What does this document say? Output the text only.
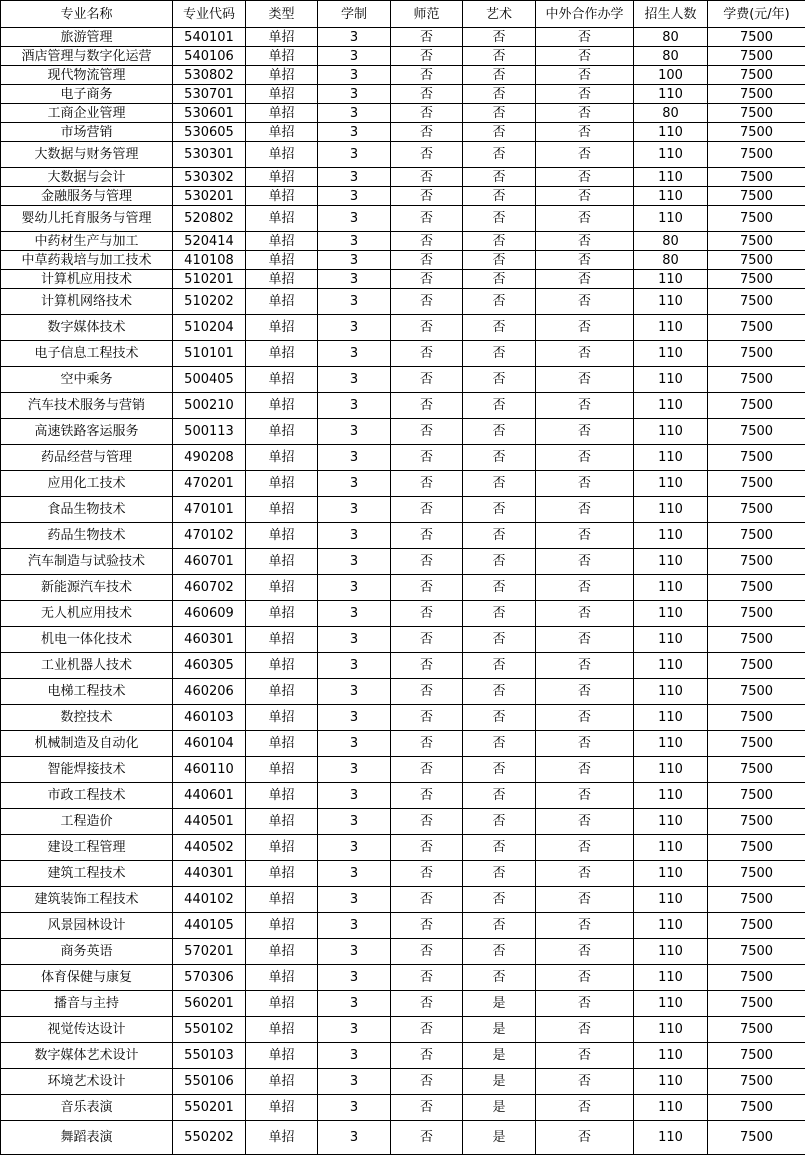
专业名称	专业代码	类型	学制	师范	艺术	中外合作办学	招生人数	学费(元/年)
旅游管理	540101	单招	3	否	否	否	80	7500
酒店管理与数字化运营	540106	单招	3	否	否	否	80	7500
现代物流管理	530802	单招	3	否	否	否	100	7500
电子商务	530701	单招	3	否	否	否	110	7500
工商企业管理	530601	单招	3	否	否	否	80	7500
市场营销	530605	单招	3	否	否	否	110	7500
大数据与财务管理	530301	单招	3	否	否	否	110	7500
大数据与会计	530302	单招	3	否	否	否	110	7500
金融服务与管理	530201	单招	3	否	否	否	110	7500
婴幼儿托育服务与管理	520802	单招	3	否	否	否	110	7500
中药材生产与加工	520414	单招	3	否	否	否	80	7500
中草药栽培与加工技术	410108	单招	3	否	否	否	80	7500
计算机应用技术	510201	单招	3	否	否	否	110	7500
计算机网络技术	510202	单招	3	否	否	否	110	7500
数字媒体技术	510204	单招	3	否	否	否	110	7500
电子信息工程技术	510101	单招	3	否	否	否	110	7500
空中乘务	500405	单招	3	否	否	否	110	7500
汽车技术服务与营销	500210	单招	3	否	否	否	110	7500
高速铁路客运服务	500113	单招	3	否	否	否	110	7500
药品经营与管理	490208	单招	3	否	否	否	110	7500
应用化工技术	470201	单招	3	否	否	否	110	7500
食品生物技术	470101	单招	3	否	否	否	110	7500
药品生物技术	470102	单招	3	否	否	否	110	7500
汽车制造与试验技术	460701	单招	3	否	否	否	110	7500
新能源汽车技术	460702	单招	3	否	否	否	110	7500
无人机应用技术	460609	单招	3	否	否	否	110	7500
机电一体化技术	460301	单招	3	否	否	否	110	7500
工业机器人技术	460305	单招	3	否	否	否	110	7500
电梯工程技术	460206	单招	3	否	否	否	110	7500
数控技术	460103	单招	3	否	否	否	110	7500
机械制造及自动化	460104	单招	3	否	否	否	110	7500
智能焊接技术	460110	单招	3	否	否	否	110	7500
市政工程技术	440601	单招	3	否	否	否	110	7500
工程造价	440501	单招	3	否	否	否	110	7500
建设工程管理	440502	单招	3	否	否	否	110	7500
建筑工程技术	440301	单招	3	否	否	否	110	7500
建筑装饰工程技术	440102	单招	3	否	否	否	110	7500
风景园林设计	440105	单招	3	否	否	否	110	7500
商务英语	570201	单招	3	否	否	否	110	7500
体育保健与康复	570306	单招	3	否	否	否	110	7500
播音与主持	560201	单招	3	否	是	否	110	7500
视觉传达设计	550102	单招	3	否	是	否	110	7500
数字媒体艺术设计	550103	单招	3	否	是	否	110	7500
环境艺术设计	550106	单招	3	否	是	否	110	7500
音乐表演	550201	单招	3	否	是	否	110	7500
舞蹈表演	550202	单招	3	否	是	否	110	7500
